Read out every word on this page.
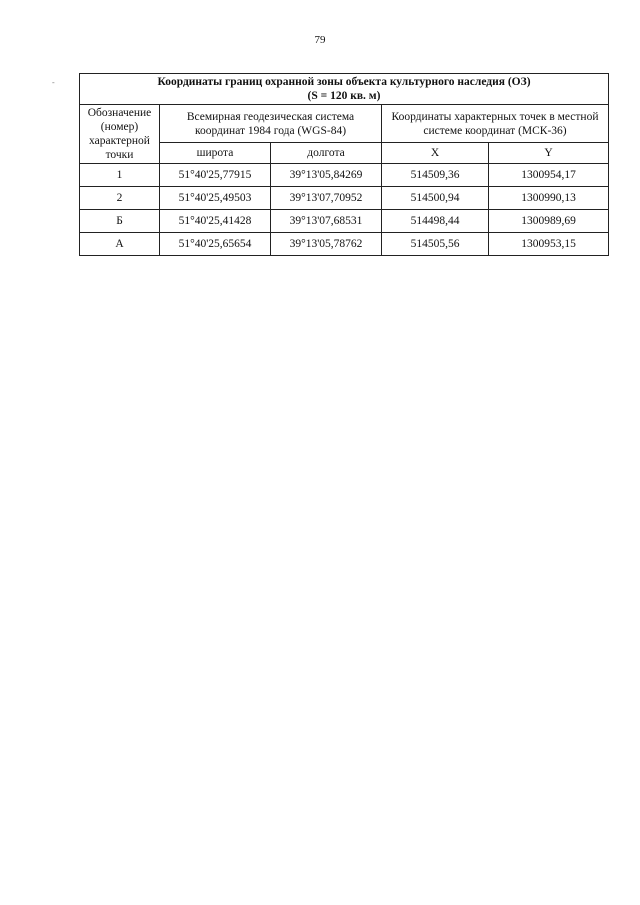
79
-	Координаты границ охранной зоны объекта культурного наследия (ОЗ)
(S = 120 кв. м)				

Обозначение (номер) характерной точки	Всемирная геодезическая система координат 1984 года (WGS-84)		Координаты характерных точек в местной системе координат (МСК-36)	
	широта	долгота	X	Y
1	51°40'25,77915	39°13'05,84269	514509,36	1300954,17
2	51°40'25,49503	39°13'07,70952	514500,94	1300990,13
Б	51°40'25,41428	39°13'07,68531	514498,44	1300989,69
А	51°40'25,65654	39°13'05,78762	514505,56	1300953,15
